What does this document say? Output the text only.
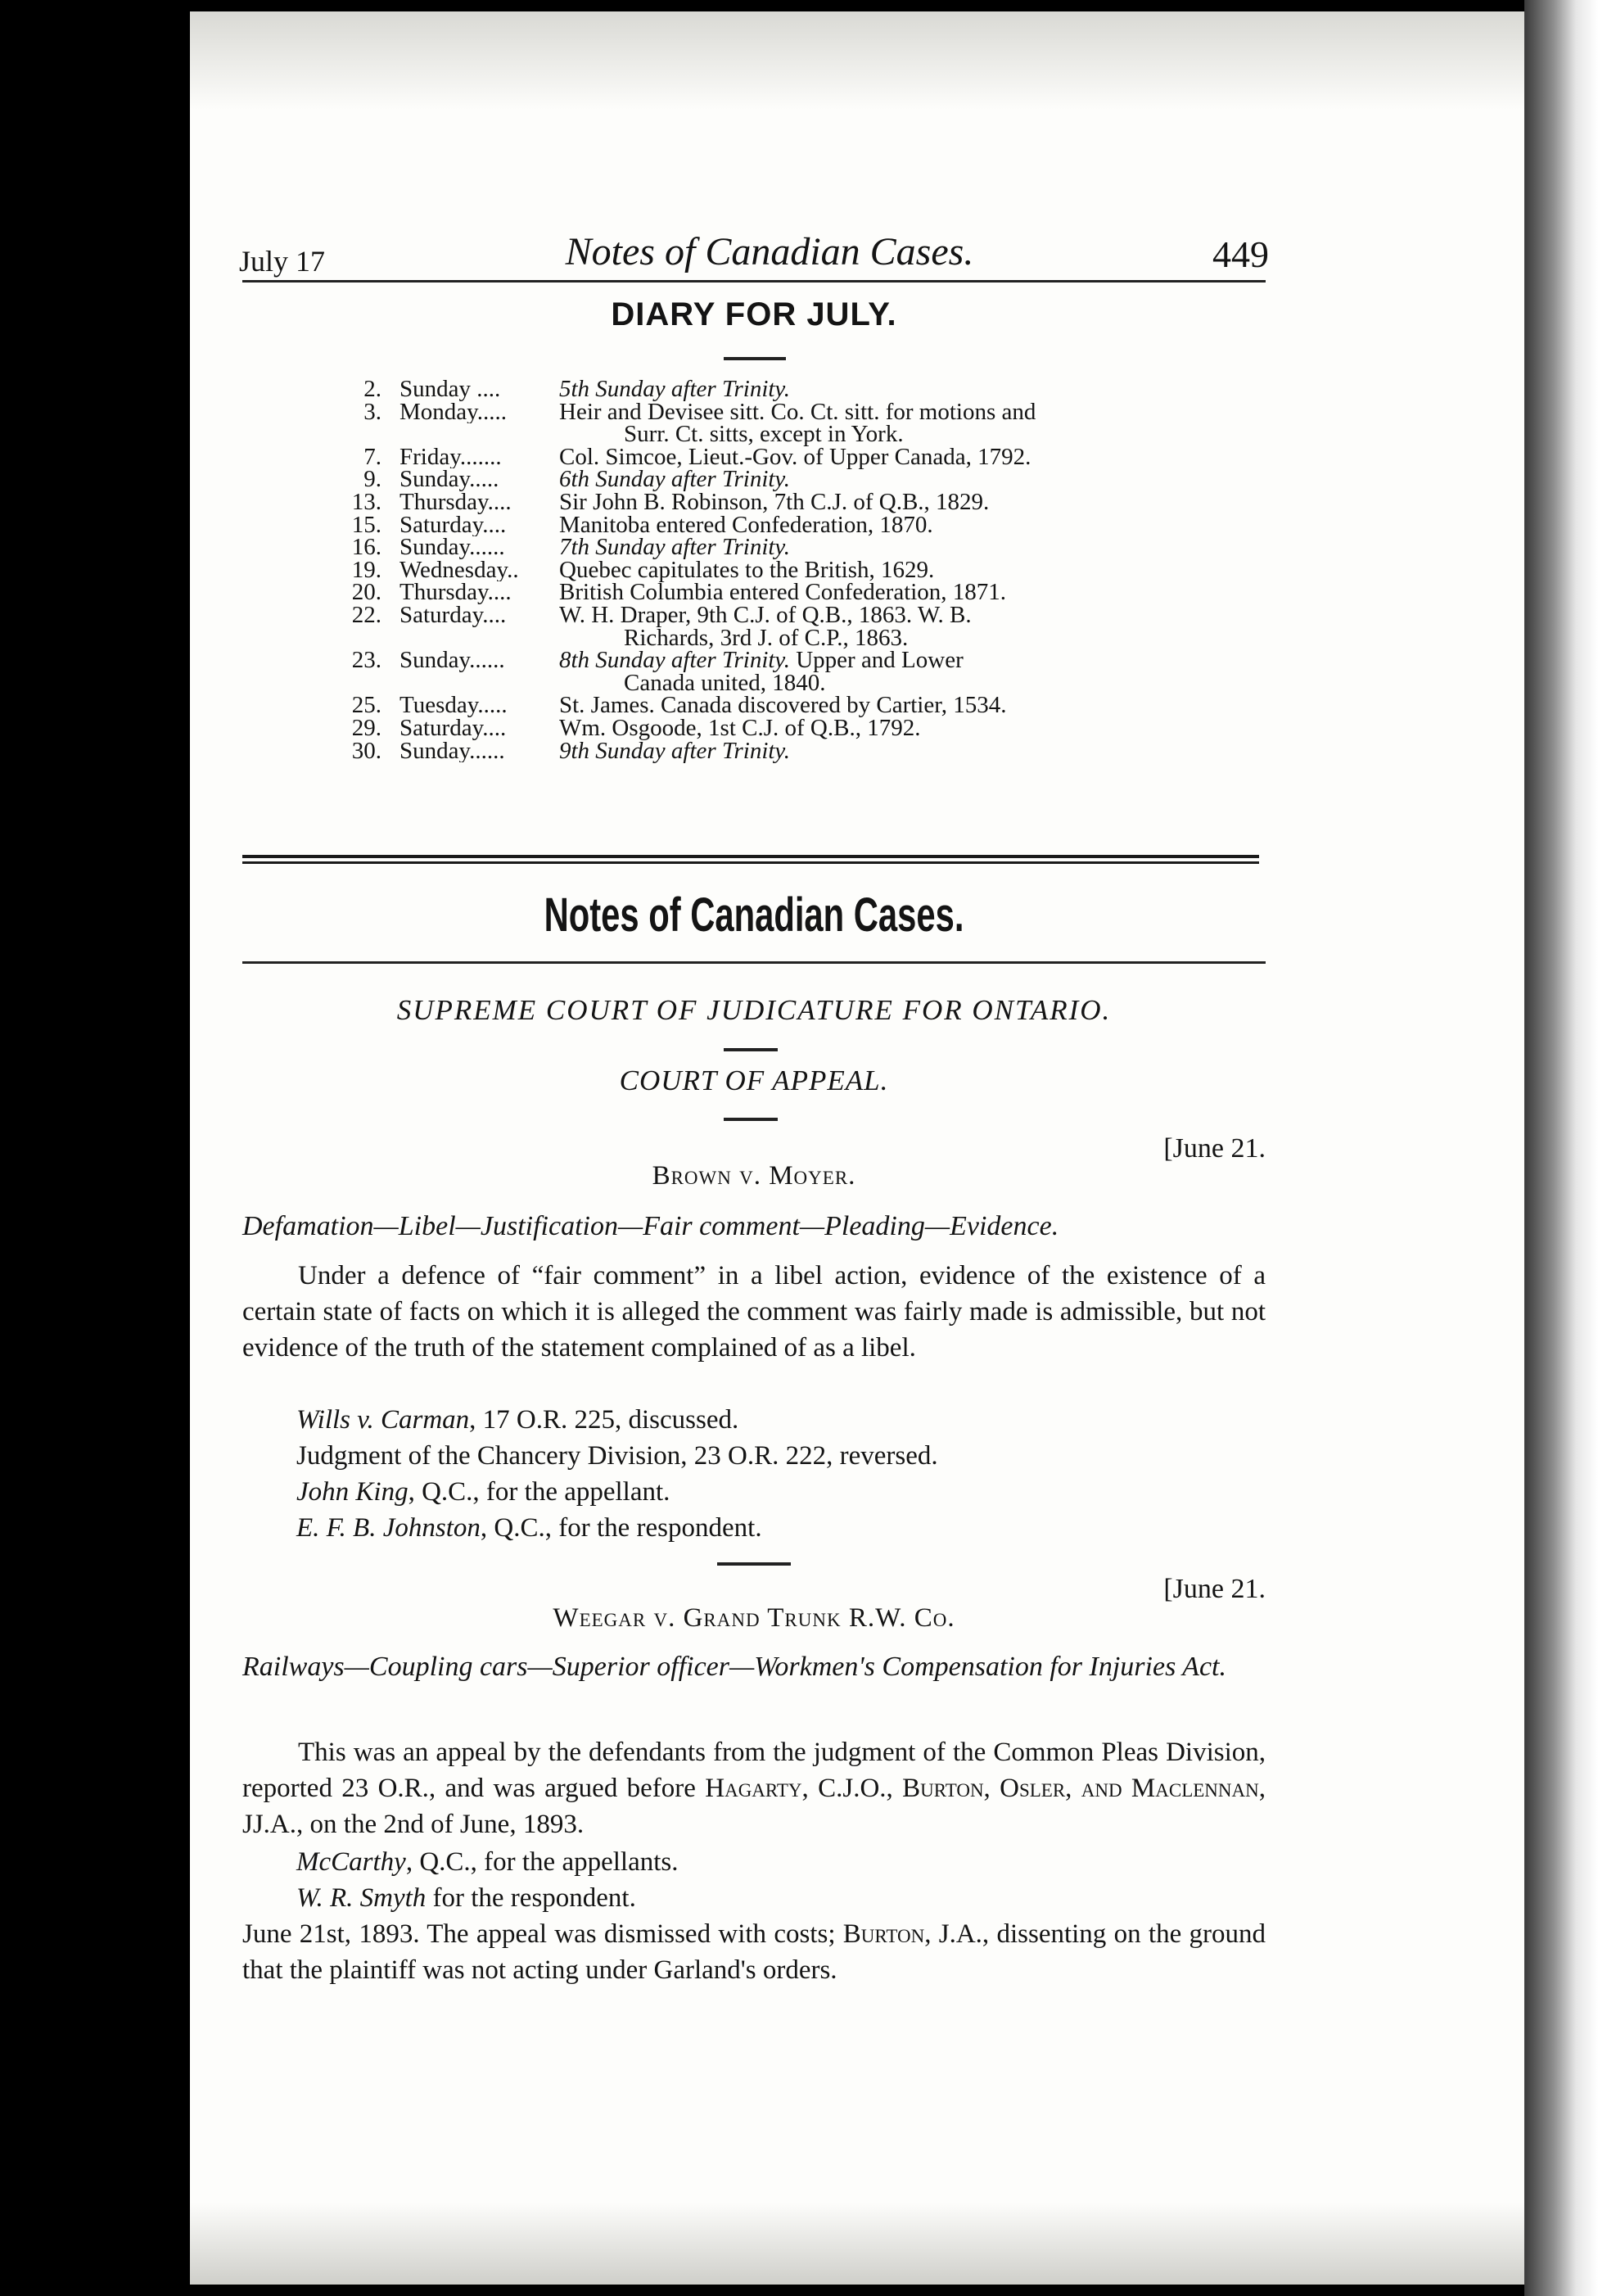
July 17	Notes of Canadian Cases.	449
DIARY FOR JULY.
2. Sunday ....	5th Sunday after Trinity.
3. Monday.....	Heir and Devisee sitt. Co. Ct. sitt. for motions and
Surr. Ct. sitts, except in York.
7. Friday.......	Col. Simcoe, Lieut.-Gov. of Upper Canada, 1792.
9. Sunday.....	6th Sunday after Trinity.
13. Thursday....	Sir John B. Robinson, 7th C.J. of Q.B., 1829.
15. Saturday....	Manitoba entered Confederation, 1870.
16. Sunday......	7th Sunday after Trinity.
19. Wednesday..	Quebec capitulates to the British, 1629.
20. Thursday....	British Columbia entered Confederation, 1871.
22. Saturday....	W. H. Draper, 9th C.J. of Q.B., 1863. W. B.
Richards, 3rd J. of C.P., 1863.
23. Sunday......	8th Sunday after Trinity. Upper and Lower
Canada united, 1840.
25. Tuesday.....	St. James. Canada discovered by Cartier, 1534.
29. Saturday....	Wm. Osgoode, 1st C.J. of Q.B., 1792.
30. Sunday......	9th Sunday after Trinity.
Notes of Canadian Cases.
SUPREME COURT OF JUDICATURE FOR ONTARIO.
COURT OF APPEAL.
[June 21.
Brown v. Moyer.
Defamation—Libel—Justification—Fair comment—Pleading—Evidence.
Under a defence of “fair comment” in a libel action, evidence of the existence of a certain state of facts on which it is alleged the comment was fairly made is admissible, but not evidence of the truth of the statement complained of as a libel.
Wills v. Carman, 17 O.R. 225, discussed.
Judgment of the Chancery Division, 23 O.R. 222, reversed.
John King, Q.C., for the appellant.
E. F. B. Johnston, Q.C., for the respondent.
[June 21.
Weegar v. Grand Trunk R.W. Co.
Railways—Coupling cars—Superior officer—Workmen's Compensation for Injuries Act.
This was an appeal by the defendants from the judgment of the Common Pleas Division, reported 23 O.R., and was argued before Hagarty, C.J.O., Burton, Osler, and Maclennan, JJ.A., on the 2nd of June, 1893.
McCarthy, Q.C., for the appellants.
W. R. Smyth for the respondent.
June 21st, 1893. The appeal was dismissed with costs; Burton, J.A., dissenting on the ground that the plaintiff was not acting under Garland's orders.
